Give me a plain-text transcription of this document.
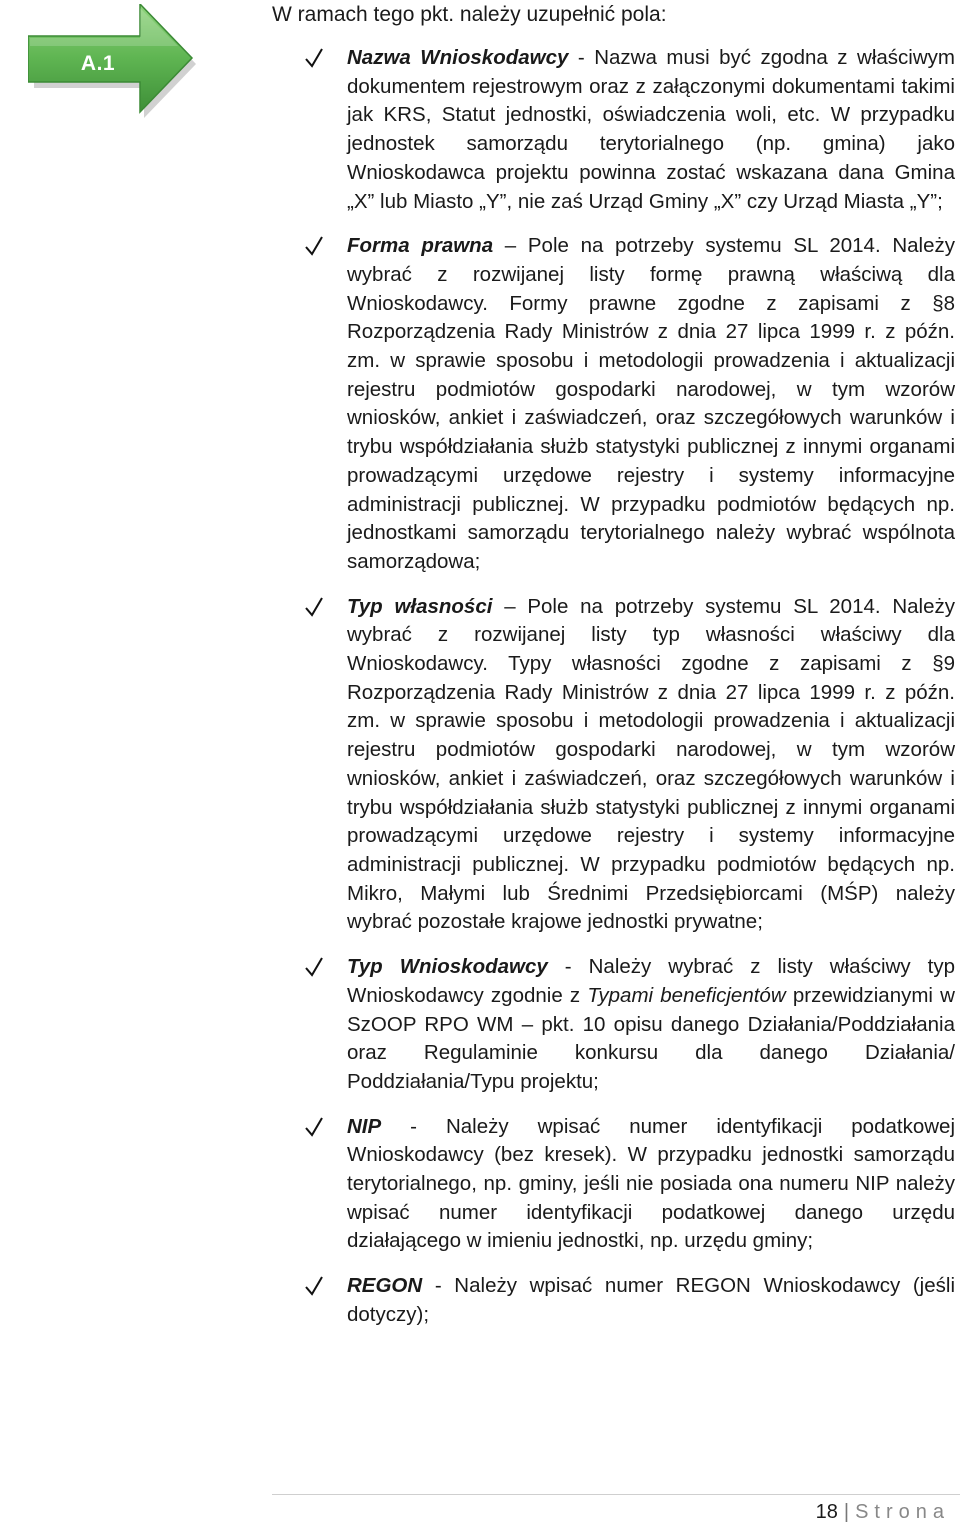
A.1

W ramach tego pkt. należy uzupełnić pola:

Nazwa Wnioskodawcy - Nazwa musi być zgodna z właściwym dokumentem rejestrowym oraz z załączonymi dokumentami takimi jak KRS, Statut jednostki, oświadczenia woli, etc. W przypadku jednostek samorządu terytorialnego (np. gmina) jako Wnioskodawca projektu powinna zostać wskazana dana Gmina „X” lub Miasto „Y”, nie zaś Urząd Gminy „X” czy Urząd Miasta „Y”;

Forma prawna – Pole na potrzeby systemu SL 2014. Należy wybrać z rozwijanej listy formę prawną właściwą dla Wnioskodawcy. Formy prawne zgodne z zapisami z §8 Rozporządzenia Rady Ministrów z dnia 27 lipca 1999 r. z późn. zm. w sprawie sposobu i metodologii prowadzenia i aktualizacji rejestru podmiotów gospodarki narodowej, w tym wzorów wniosków, ankiet i zaświadczeń, oraz szczegółowych warunków i trybu współdziałania służb statystyki publicznej z innymi organami prowadzącymi urzędowe rejestry i systemy informacyjne administracji publicznej. W przypadku podmiotów będących np. jednostkami samorządu terytorialnego należy wybrać wspólnota samorządowa;

Typ własności – Pole na potrzeby systemu SL 2014. Należy wybrać z rozwijanej listy typ własności właściwy dla Wnioskodawcy. Typy własności zgodne z zapisami z §9 Rozporządzenia Rady Ministrów z dnia 27 lipca 1999 r. z późn. zm. w sprawie sposobu i metodologii prowadzenia i aktualizacji rejestru podmiotów gospodarki narodowej, w tym wzorów wniosków, ankiet i zaświadczeń, oraz szczegółowych warunków i trybu współdziałania służb statystyki publicznej z innymi organami prowadzącymi urzędowe rejestry i systemy informacyjne administracji publicznej. W przypadku podmiotów będących np. Mikro, Małymi lub Średnimi Przedsiębiorcami (MŚP) należy wybrać pozostałe krajowe jednostki prywatne;

Typ Wnioskodawcy - Należy wybrać z listy właściwy typ Wnioskodawcy zgodnie z Typami beneficjentów przewidzianymi w SzOOP RPO WM – pkt. 10 opisu danego Działania/Poddziałania oraz Regulaminie konkursu dla danego Działania/ Poddziałania/Typu projektu;

NIP - Należy wpisać numer identyfikacji podatkowej Wnioskodawcy (bez kresek). W przypadku jednostki samorządu terytorialnego, np. gminy, jeśli nie posiada ona numeru NIP należy wpisać numer identyfikacji podatkowej danego urzędu działającego w imieniu jednostki, np. urzędu gminy;

REGON - Należy wpisać numer REGON Wnioskodawcy (jeśli dotyczy);

18 | Strona
